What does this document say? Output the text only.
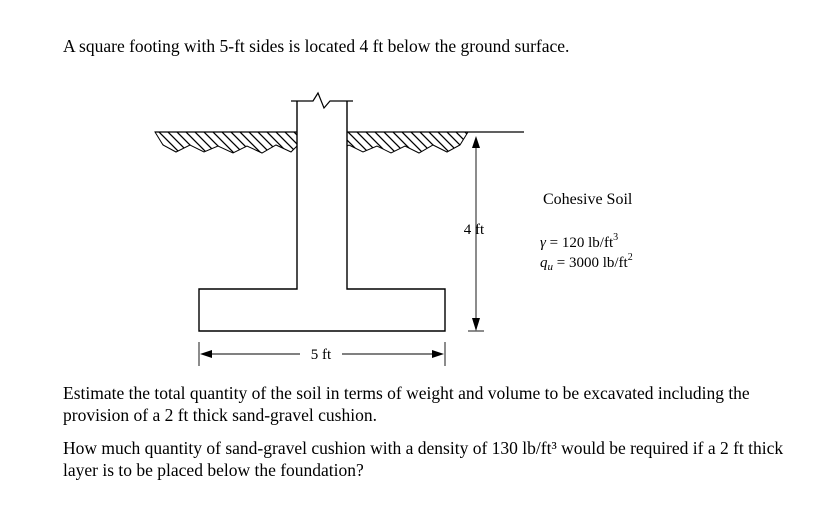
A square footing with 5-ft sides is located 4 ft below the ground surface.

4 ft
5 ft
Cohesive Soil
γ = 120 $lb/ft^3$
$q_u = 3000$ $lb/ft^2$

Estimate the total quantity of the soil in terms of weight and volume to be excavated including the provision of a 2 ft thick sand-gravel cushion.

How much quantity of sand-gravel cushion with a density of 130 lb/ft³ would be required if a 2 ft thick layer is to be placed below the foundation?
